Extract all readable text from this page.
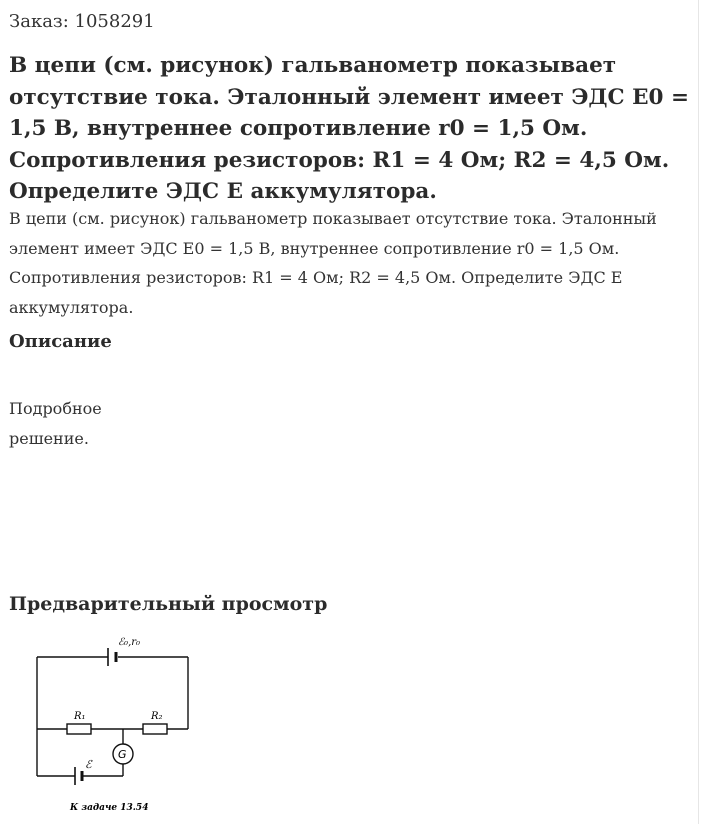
Заказ: 1058291
В цепи (см. рисунок) гальванометр показывает отсутствие тока. Эталонный элемент имеет ЭДС E0 = 1,5 В, внутреннее сопротивление r0 = 1,5 Ом. Сопротивления резисторов: R1 = 4 Ом; R2 = 4,5 Ом. Определите ЭДС E аккумулятора.

В цепи (см. рисунок) гальванометр показывает отсутствие тока. Эталонный элемент имеет ЭДС E0 = 1,5 В, внутреннее сопротивление r0 = 1,5 Ом. Сопротивления резисторов: R1 = 4 Ом; R2 = 4,5 Ом. Определите ЭДС E аккумулятора.

Описание
Подробное решение.
Предварительный просмотр
ℰ₀,r₀
R₁	R₂
G
ℰ
К задаче 13.54
